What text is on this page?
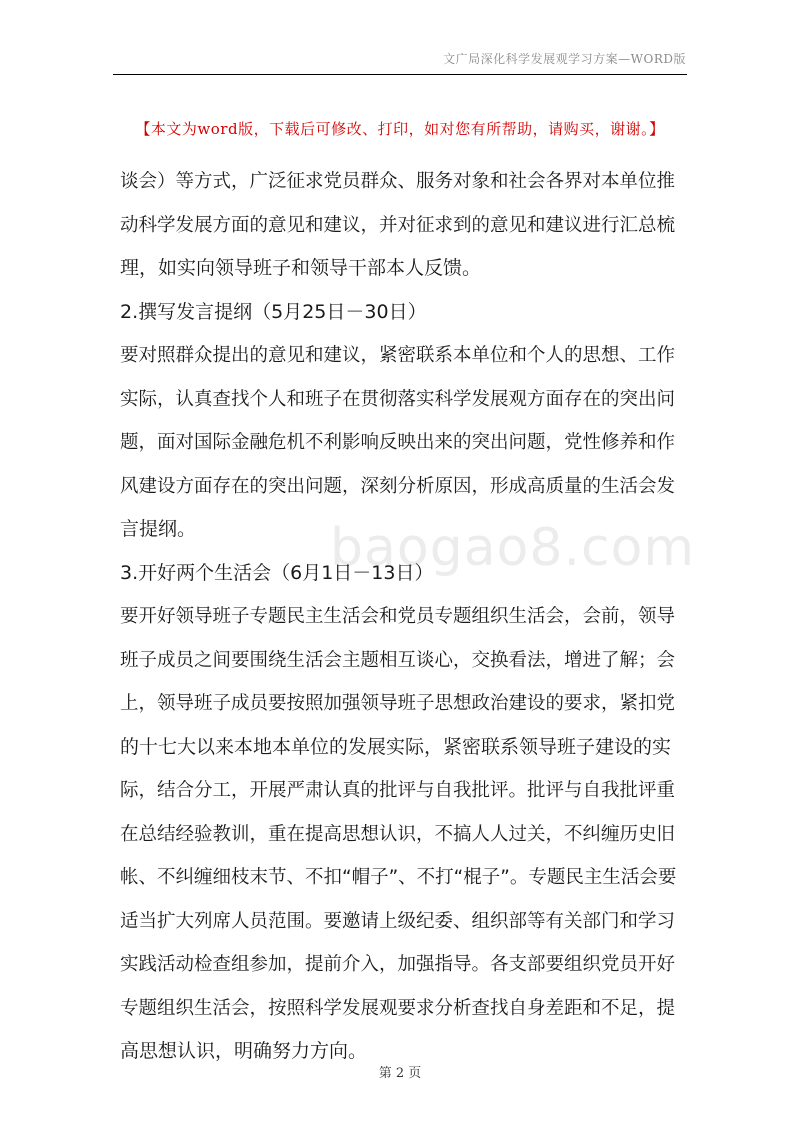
文广局深化科学发展观学习方案—WORD版
【本文为word版，下载后可修改、打印，如对您有所帮助，请购买，谢谢。】
baogao8.com
谈会）等方式，广泛征求党员群众、服务对象和社会各界对本单位推
动科学发展方面的意见和建议，并对征求到的意见和建议进行汇总梳
理，如实向领导班子和领导干部本人反馈。
2.撰写发言提纲（5月25日－30日）
要对照群众提出的意见和建议，紧密联系本单位和个人的思想、工作
实际，认真查找个人和班子在贯彻落实科学发展观方面存在的突出问
题，面对国际金融危机不利影响反映出来的突出问题，党性修养和作
风建设方面存在的突出问题，深刻分析原因，形成高质量的生活会发
言提纲。
3.开好两个生活会（6月1日－13日）
要开好领导班子专题民主生活会和党员专题组织生活会，会前，领导
班子成员之间要围绕生活会主题相互谈心，交换看法，增进了解；会
上，领导班子成员要按照加强领导班子思想政治建设的要求，紧扣党
的十七大以来本地本单位的发展实际，紧密联系领导班子建设的实
际，结合分工，开展严肃认真的批评与自我批评。批评与自我批评重
在总结经验教训，重在提高思想认识，不搞人人过关，不纠缠历史旧
帐、不纠缠细枝末节、不扣“帽子”、不打“棍子”。专题民主生活会要
适当扩大列席人员范围。要邀请上级纪委、组织部等有关部门和学习
实践活动检查组参加，提前介入，加强指导。各支部要组织党员开好
专题组织生活会，按照科学发展观要求分析查找自身差距和不足，提
高思想认识，明确努力方向。
第 2 页
